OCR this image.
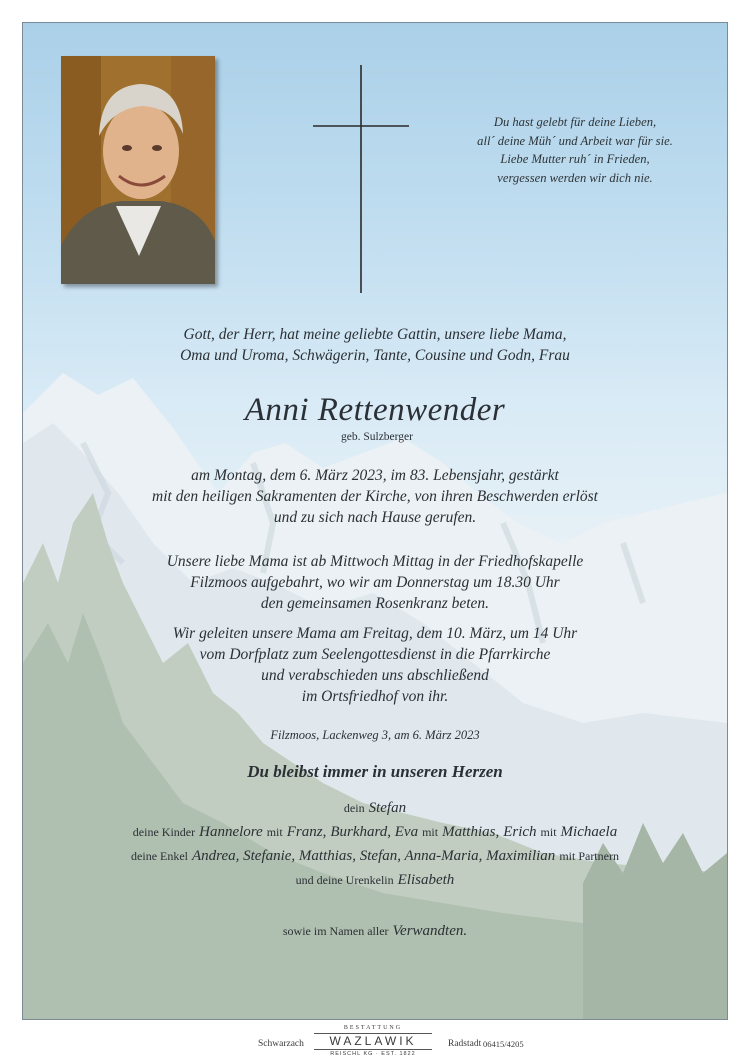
Du hast gelebt für deine Lieben,
all´ deine Müh´ und Arbeit war für sie.
Liebe Mutter ruh´ in Frieden,
vergessen werden wir dich nie.
Gott, der Herr, hat meine geliebte Gattin, unsere liebe Mama,
Oma und Uroma, Schwägerin, Tante, Cousine und Godn, Frau
Anni Rettenwender
geb. Sulzberger
am Montag, dem 6. März 2023, im 83. Lebensjahr, gestärkt
mit den heiligen Sakramenten der Kirche, von ihren Beschwerden erlöst
und zu sich nach Hause gerufen.
Unsere liebe Mama ist ab Mittwoch Mittag in der Friedhofskapelle
Filzmoos aufgebahrt, wo wir am Donnerstag um 18.30 Uhr
den gemeinsamen Rosenkranz beten.
Wir geleiten unsere Mama am Freitag, dem 10. März, um 14 Uhr
vom Dorfplatz zum Seelengottesdienst in die Pfarrkirche
und verabschieden uns abschließend
im Ortsfriedhof von ihr.
Filzmoos, Lackenweg 3, am 6. März 2023
Du bleibst immer in unseren Herzen
dein Stefan
deine Kinder Hannelore mit Franz, Burkhard, Eva mit Matthias, Erich mit Michaela
deine Enkel Andrea, Stefanie, Matthias, Stefan, Anna-Maria, Maximilian mit Partnern
und deine Urenkelin Elisabeth
sowie im Namen aller Verwandten.
Schwarzach
BESTATTUNG
WAZLAWIK
REISCHL KG · EST. 1822
Radstadt 06415/4205
